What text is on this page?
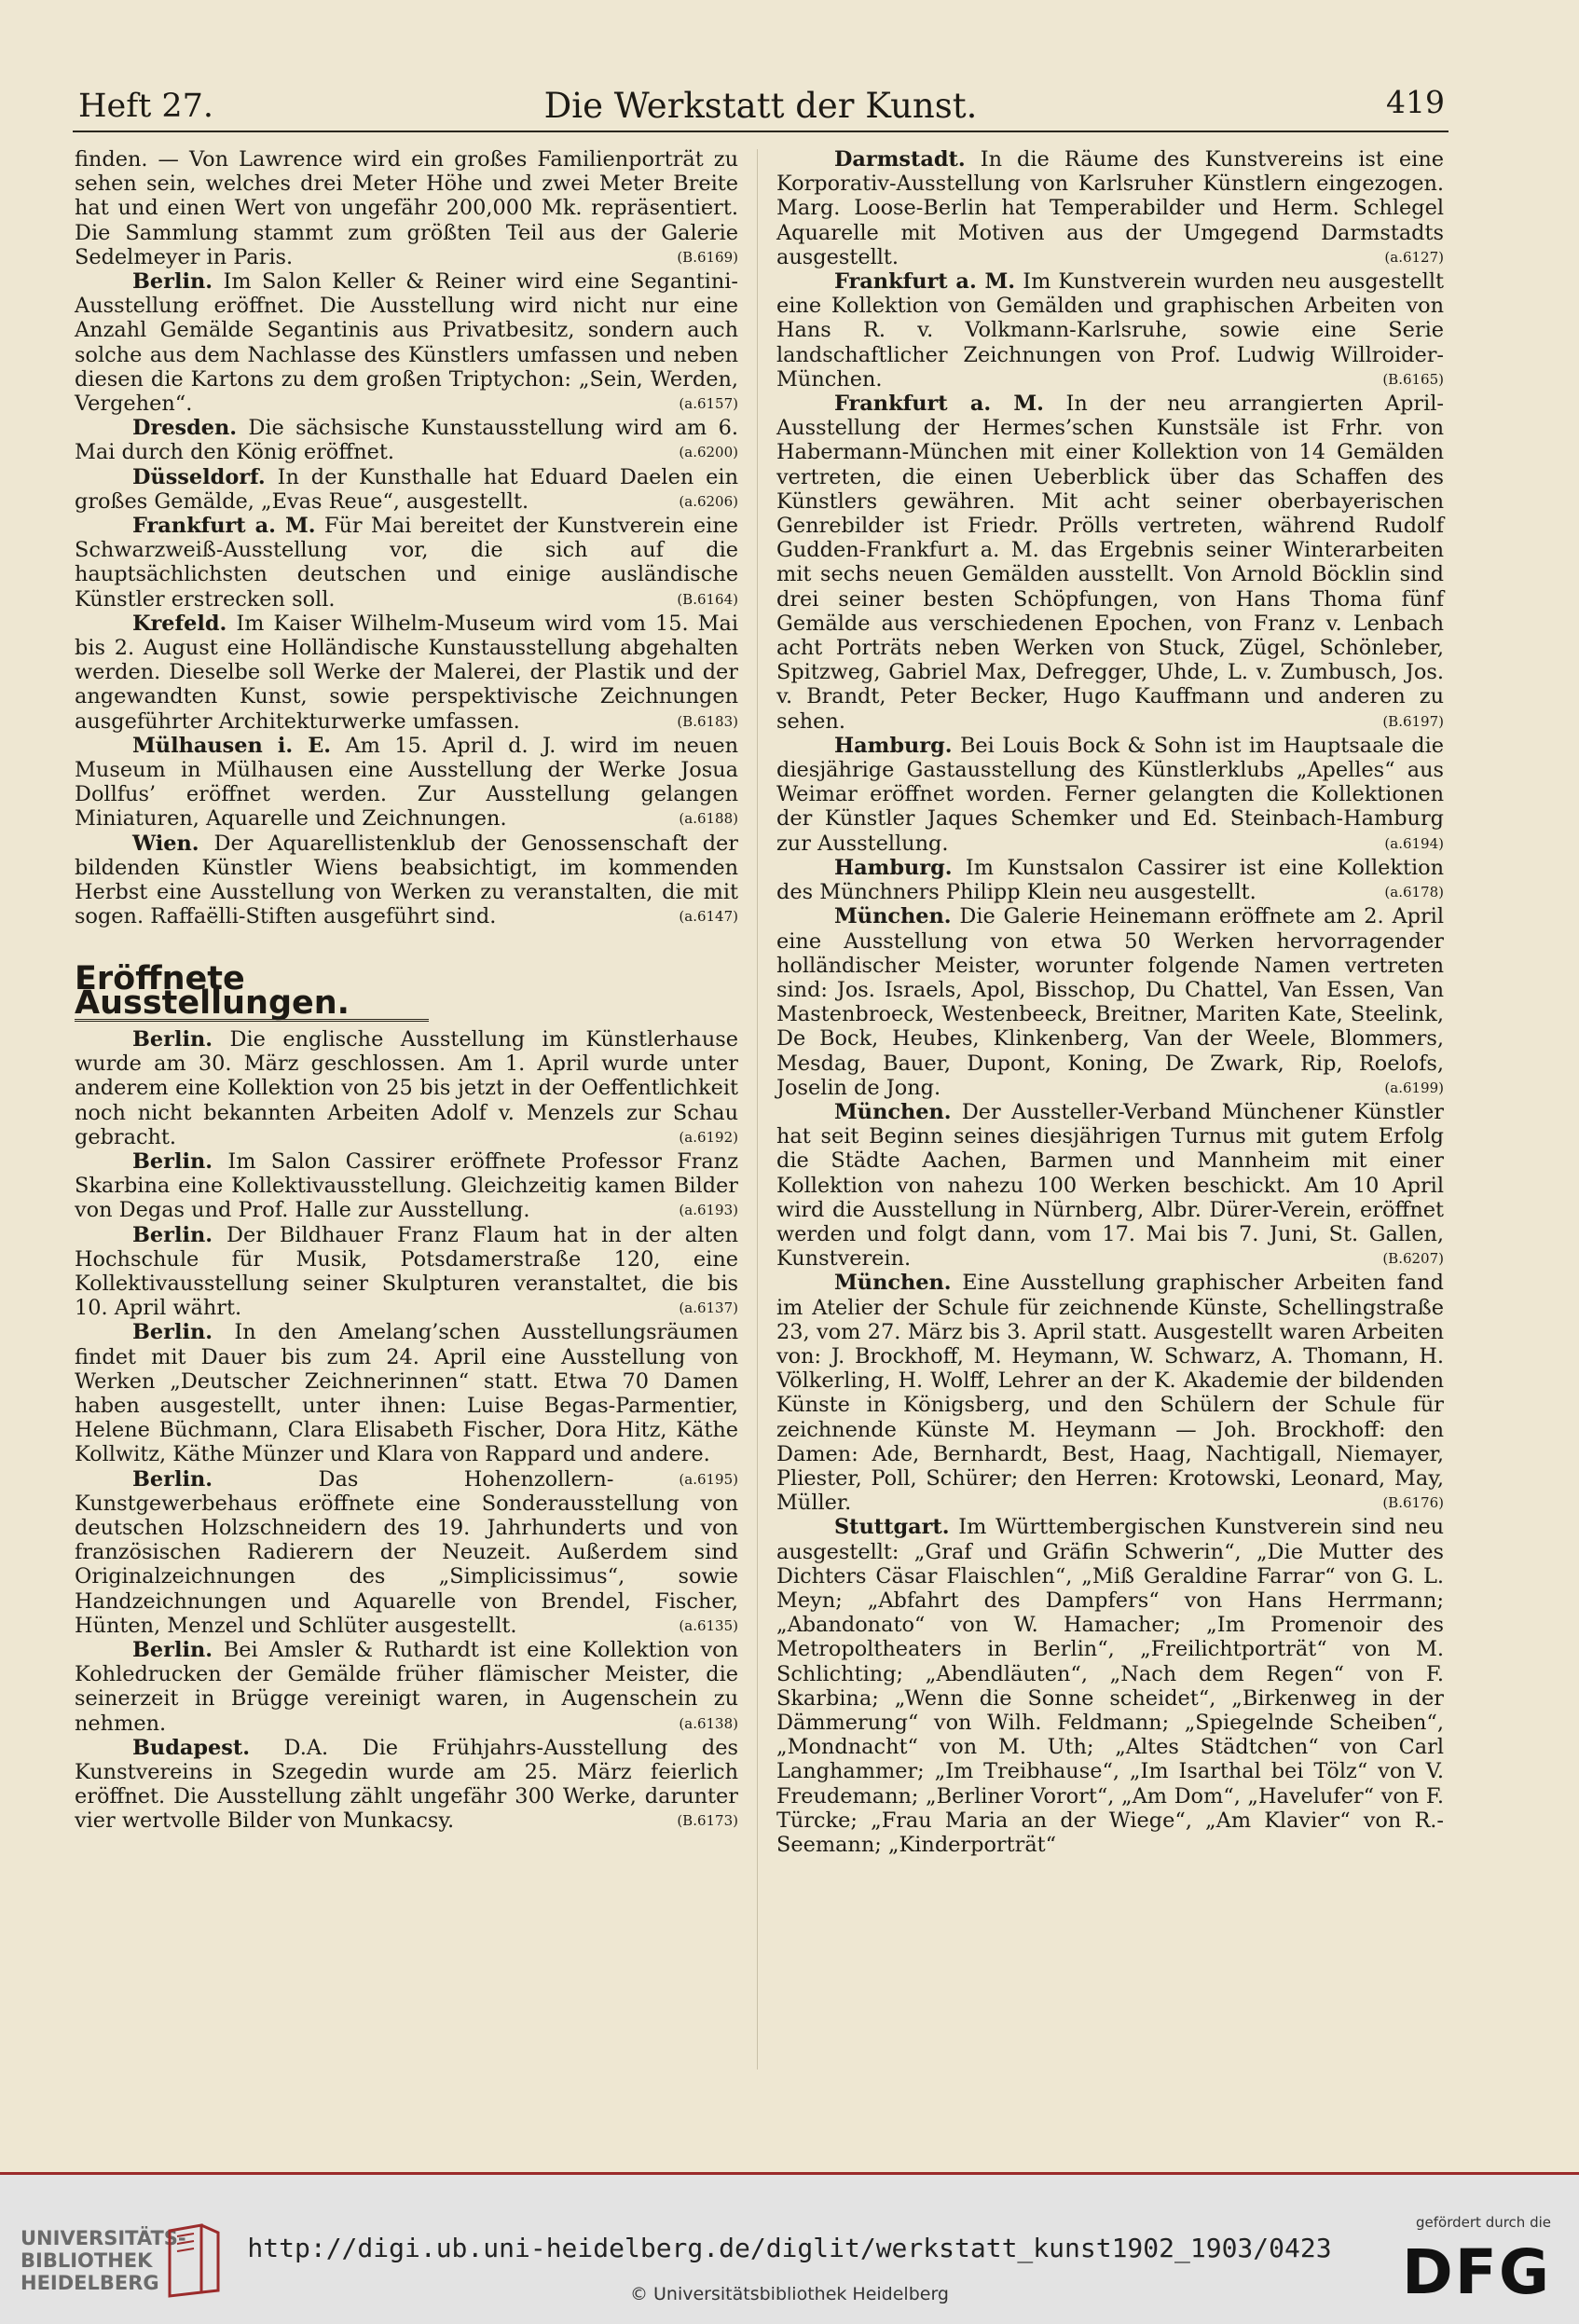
Heft 27.	Die Werkstatt der Kunst.	419

finden. — Von Lawrence wird ein großes Familienporträt zu sehen sein, welches drei Meter Höhe und zwei Meter Breite hat und einen Wert von ungefähr 200,000 Mk. repräsentiert. Die Sammlung stammt zum größten Teil aus der Galerie Sedelmeyer in Paris.	(B.6169)

Berlin. Im Salon Keller & Reiner wird eine Segantini-Ausstellung eröffnet. Die Ausstellung wird nicht nur eine Anzahl Gemälde Segantinis aus Privatbesitz, sondern auch solche aus dem Nachlasse des Künstlers umfassen und neben diesen die Kartons zu dem großen Triptychon: „Sein, Werden, Vergehen“.	(a.6157)

Dresden. Die sächsische Kunstausstellung wird am 6. Mai durch den König eröffnet.	(a.6200)

Düsseldorf. In der Kunsthalle hat Eduard Daelen ein großes Gemälde, „Evas Reue“, ausgestellt.	(a.6206)

Frankfurt a. M. Für Mai bereitet der Kunstverein eine Schwarzweiß-Ausstellung vor, die sich auf die hauptsächlichsten deutschen und einige ausländische Künstler erstrecken soll.	(B.6164)

Krefeld. Im Kaiser Wilhelm-Museum wird vom 15. Mai bis 2. August eine Holländische Kunstausstellung abgehalten werden. Dieselbe soll Werke der Malerei, der Plastik und der angewandten Kunst, sowie perspektivische Zeichnungen ausgeführter Architekturwerke umfassen.	(B.6183)

Mülhausen i. E. Am 15. April d. J. wird im neuen Museum in Mülhausen eine Ausstellung der Werke Josua Dollfus’ eröffnet werden. Zur Ausstellung gelangen Miniaturen, Aquarelle und Zeichnungen.	(a.6188)

Wien. Der Aquarellistenklub der Genossenschaft der bildenden Künstler Wiens beabsichtigt, im kommenden Herbst eine Ausstellung von Werken zu veranstalten, die mit sogen. Raffaëlli-Stiften ausgeführt sind.	(a.6147)

Eröffnete Ausstellungen.

Berlin. Die englische Ausstellung im Künstlerhause wurde am 30. März geschlossen. Am 1. April wurde unter anderem eine Kollektion von 25 bis jetzt in der Oeffentlichkeit noch nicht bekannten Arbeiten Adolf v. Menzels zur Schau gebracht.	(a.6192)

Berlin. Im Salon Cassirer eröffnete Professor Franz Skarbina eine Kollektivausstellung. Gleichzeitig kamen Bilder von Degas und Prof. Halle zur Ausstellung.	(a.6193)

Berlin. Der Bildhauer Franz Flaum hat in der alten Hochschule für Musik, Potsdamerstraße 120, eine Kollektivausstellung seiner Skulpturen veranstaltet, die bis 10. April währt.	(a.6137)

Berlin. In den Amelang’schen Ausstellungsräumen findet mit Dauer bis zum 24. April eine Ausstellung von Werken „Deutscher Zeichnerinnen“ statt. Etwa 70 Damen haben ausgestellt, unter ihnen: Luise Begas-Parmentier, Helene Büchmann, Clara Elisabeth Fischer, Dora Hitz, Käthe Kollwitz, Käthe Münzer und Klara von Rappard und andere.
(a.6195)

Berlin.	Das Hohenzollern-Kunstgewerbehaus eröffnete eine Sonderausstellung von deutschen Holzschneidern des 19. Jahrhunderts und von französischen Radierern der Neuzeit. Außerdem sind Originalzeichnungen des „Simplicissimus“, sowie Handzeichnungen und Aquarelle von Brendel, Fischer, Hünten, Menzel und Schlüter ausgestellt.	(a.6135)

Berlin. Bei Amsler & Ruthardt ist eine Kollektion von Kohledrucken der Gemälde früher flämischer Meister, die seinerzeit in Brügge vereinigt waren, in Augenschein zu nehmen.	(a.6138)

Budapest. D.A. Die Frühjahrs-Ausstellung des Kunstvereins in Szegedin wurde am 25. März feierlich eröffnet. Die Ausstellung zählt ungefähr 300 Werke, darunter vier wertvolle Bilder von Munkacsy.	(B.6173)

Darmstadt. In die Räume des Kunstvereins ist eine Korporativ-Ausstellung von Karlsruher Künstlern eingezogen. Marg. Loose-Berlin hat Temperabilder und Herm. Schlegel Aquarelle mit Motiven aus der Umgegend Darmstadts ausgestellt.	(a.6127)

Frankfurt a. M. Im Kunstverein wurden neu ausgestellt eine Kollektion von Gemälden und graphischen Arbeiten von Hans R. v. Volkmann-Karlsruhe, sowie eine Serie landschaftlicher Zeichnungen von Prof. Ludwig Willroider-München.	(B.6165)

Frankfurt a. M. In der neu arrangierten April-Ausstellung der Hermes’schen Kunstsäle ist Frhr. von Habermann-München mit einer Kollektion von 14 Gemälden vertreten, die einen Ueberblick über das Schaffen des Künstlers gewähren. Mit acht seiner oberbayerischen Genrebilder ist Friedr. Prölls vertreten, während Rudolf Gudden-Frankfurt a. M. das Ergebnis seiner Winterarbeiten mit sechs neuen Gemälden ausstellt. Von Arnold Böcklin sind drei seiner besten Schöpfungen, von Hans Thoma fünf Gemälde aus verschiedenen Epochen, von Franz v. Lenbach acht Porträts neben Werken von Stuck, Zügel, Schönleber, Spitzweg, Gabriel Max, Defregger, Uhde, L. v. Zumbusch, Jos. v. Brandt, Peter Becker, Hugo Kauffmann und anderen zu sehen.	(B.6197)

Hamburg. Bei Louis Bock & Sohn ist im Hauptsaale die diesjährige Gastausstellung des Künstlerklubs „Apelles“ aus Weimar eröffnet worden. Ferner gelangten die Kollektionen der Künstler Jaques Schemker und Ed. Steinbach-Hamburg zur Ausstellung.	(a.6194)

Hamburg. Im Kunstsalon Cassirer ist eine Kollektion des Münchners Philipp Klein neu ausgestellt.	(a.6178)

München. Die Galerie Heinemann eröffnete am 2. April eine Ausstellung von etwa 50 Werken hervorragender holländischer Meister, worunter folgende Namen vertreten sind: Jos. Israels, Apol, Bisschop, Du Chattel, Van Essen, Van Mastenbroeck, Westenbeeck, Breitner, Mariten Kate, Steelink, De Bock, Heubes, Klinkenberg, Van der Weele, Blommers, Mesdag, Bauer, Dupont, Koning, De Zwark, Rip, Roelofs, Joselin de Jong.	(a.6199)

München. Der Aussteller-Verband Münchener Künstler hat seit Beginn seines diesjährigen Turnus mit gutem Erfolg die Städte Aachen, Barmen und Mannheim mit einer Kollektion von nahezu 100 Werken beschickt. Am 10 April wird die Ausstellung in Nürnberg, Albr. Dürer-Verein, eröffnet werden und folgt dann, vom 17. Mai bis 7. Juni, St. Gallen, Kunstverein.	(B.6207)

München. Eine Ausstellung graphischer Arbeiten fand im Atelier der Schule für zeichnende Künste, Schellingstraße 23, vom 27. März bis 3. April statt. Ausgestellt waren Arbeiten von: J. Brockhoff, M. Heymann, W. Schwarz, A. Thomann, H. Völkerling, H. Wolff, Lehrer an der K. Akademie der bildenden Künste in Königsberg, und den Schülern der Schule für zeichnende Künste M. Heymann — Joh. Brockhoff: den Damen: Ade, Bernhardt, Best, Haag, Nachtigall, Niemayer, Pliester, Poll, Schürer; den Herren: Krotowski, Leonard, May, Müller.	(B.6176)

Stuttgart. Im Württembergischen Kunstverein sind neu ausgestellt: „Graf und Gräfin Schwerin“, „Die Mutter des Dichters Cäsar Flaischlen“, „Miß Geraldine Farrar“ von G. L. Meyn; „Abfahrt des Dampfers“ von Hans Herrmann; „Abandonato“ von W. Hamacher; „Im Promenoir des Metropoltheaters in Berlin“, „Freilichtporträt“ von M. Schlichting; „Abendläuten“, „Nach dem Regen“ von F. Skarbina; „Wenn die Sonne scheidet“, „Birkenweg in der Dämmerung“ von Wilh. Feldmann; „Spiegelnde Scheiben“, „Mondnacht“ von M. Uth; „Altes Städtchen“ von Carl Langhammer; „Im Treibhause“, „Im Isarthal bei Tölz“ von V. Freudemann; „Berliner Vorort“, „Am Dom“, „Havelufer“ von F. Türcke; „Frau Maria an der Wiege“, „Am Klavier“ von R.-Seemann; „Kinderporträt“

UNIVERSITÄTS-
BIBLIOTHEK
HEIDELBERG
http://digi.ub.uni-heidelberg.de/diglit/werkstatt_kunst1902_1903/0423
© Universitätsbibliothek Heidelberg
gefördert durch die
DFG
